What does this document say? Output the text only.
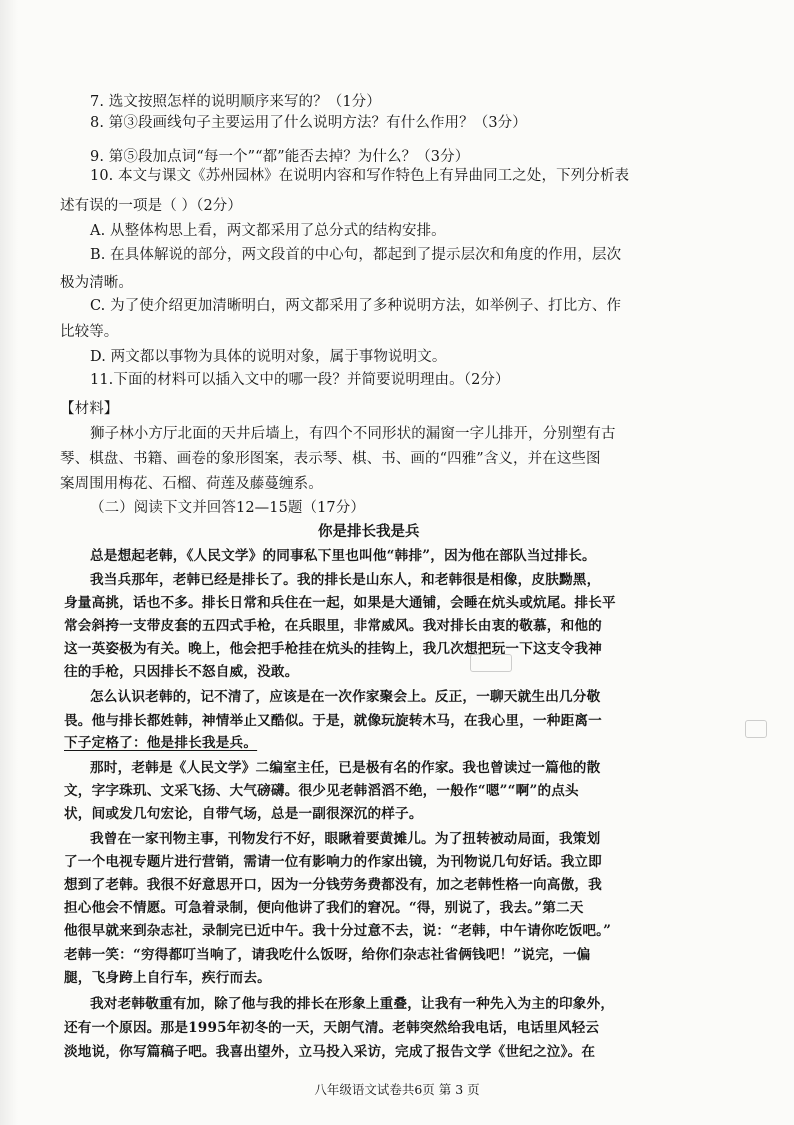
7. 选文按照怎样的说明顺序来写的？（1分）
8. 第③段画线句子主要运用了什么说明方法？有什么作用？（3分）
9. 第⑤段加点词“每一个”“都”能否去掉？为什么？（3分）
10. 本文与课文《苏州园林》在说明内容和写作特色上有异曲同工之处，下列分析表
述有误的一项是（ ）（2分）
A. 从整体构思上看，两文都采用了总分式的结构安排。
B. 在具体解说的部分，两文段首的中心句，都起到了提示层次和角度的作用，层次
极为清晰。
C. 为了使介绍更加清晰明白，两文都采用了多种说明方法，如举例子、打比方、作
比较等。
D. 两文都以事物为具体的说明对象，属于事物说明文。
11.下面的材料可以插入文中的哪一段？并简要说明理由。（2分）
【材料】
狮子林小方厅北面的天井后墙上，有四个不同形状的漏窗一字儿排开，分别塑有古
琴、棋盘、书籍、画卷的象形图案，表示琴、棋、书、画的“四雅”含义，并在这些图
案周围用梅花、石榴、荷莲及藤蔓缠系。
（二）阅读下文并回答12—15题（17分）
你是排长我是兵
总是想起老韩，《人民文学》的同事私下里也叫他“韩排”，因为他在部队当过排长。
我当兵那年，老韩已经是排长了。我的排长是山东人，和老韩很是相像，皮肤黝黑，
身量高挑，话也不多。排长日常和兵住在一起，如果是大通铺，会睡在炕头或炕尾。排长平
常会斜挎一支带皮套的五四式手枪，在兵眼里，非常威风。我对排长由衷的敬慕，和他的
这一英姿极为有关。晚上，他会把手枪挂在炕头的挂钩上，我几次想把玩一下这支令我神
往的手枪，只因排长不怒自威，没敢。
怎么认识老韩的，记不清了，应该是在一次作家聚会上。反正，一聊天就生出几分敬
畏。他与排长都姓韩，神情举止又酷似。于是，就像玩旋转木马，在我心里，一种距离一
下子定格了：他是排长我是兵。
那时，老韩是《人民文学》二编室主任，已是极有名的作家。我也曾读过一篇他的散
文，字字珠玑、文采飞扬、大气磅礴。很少见老韩滔滔不绝，一般作“嗯”“啊”的点头
状，间或发几句宏论，自带气场，总是一副很深沉的样子。
我曾在一家刊物主事，刊物发行不好，眼瞅着要黄摊儿。为了扭转被动局面，我策划
了一个电视专题片进行营销，需请一位有影响力的作家出镜，为刊物说几句好话。我立即
想到了老韩。我很不好意思开口，因为一分钱劳务费都没有，加之老韩性格一向高傲，我
担心他会不情愿。可急着录制，便向他讲了我们的窘况。“得，别说了，我去。”第二天
他很早就来到杂志社，录制完已近中午。我十分过意不去，说：“老韩，中午请你吃饭吧。”
老韩一笑：“穷得都叮当响了，请我吃什么饭呀，给你们杂志社省俩钱吧！”说完，一偏
腿，飞身跨上自行车，疾行而去。
我对老韩敬重有加，除了他与我的排长在形象上重叠，让我有一种先入为主的印象外，
还有一个原因。那是1995年初冬的一天，天朗气清。老韩突然给我电话，电话里风轻云
淡地说，你写篇稿子吧。我喜出望外，立马投入采访，完成了报告文学《世纪之泣》。在
八年级语文试卷共6页 第 3 页
